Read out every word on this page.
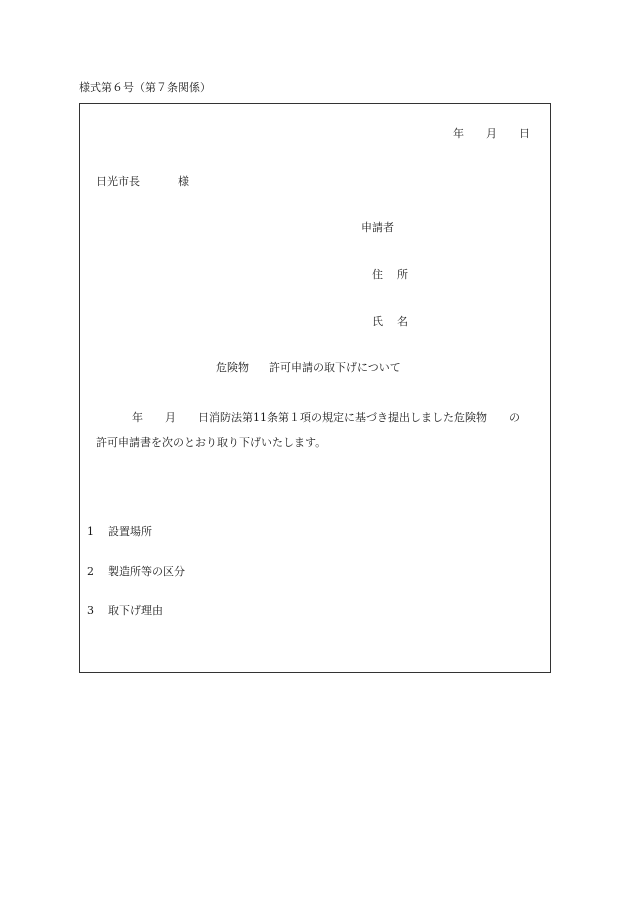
様式第６号（第７条関係）
年 月 日
日光市長	様
申請者
住 所
氏 名
危険物 許可申請の取下げについて
年 月 日消防法第11条第１項の規定に基づき提出しました危険物 の
許可申請書を次のとおり取り下げいたします。
1 設置場所
2 製造所等の区分
3 取下げ理由
